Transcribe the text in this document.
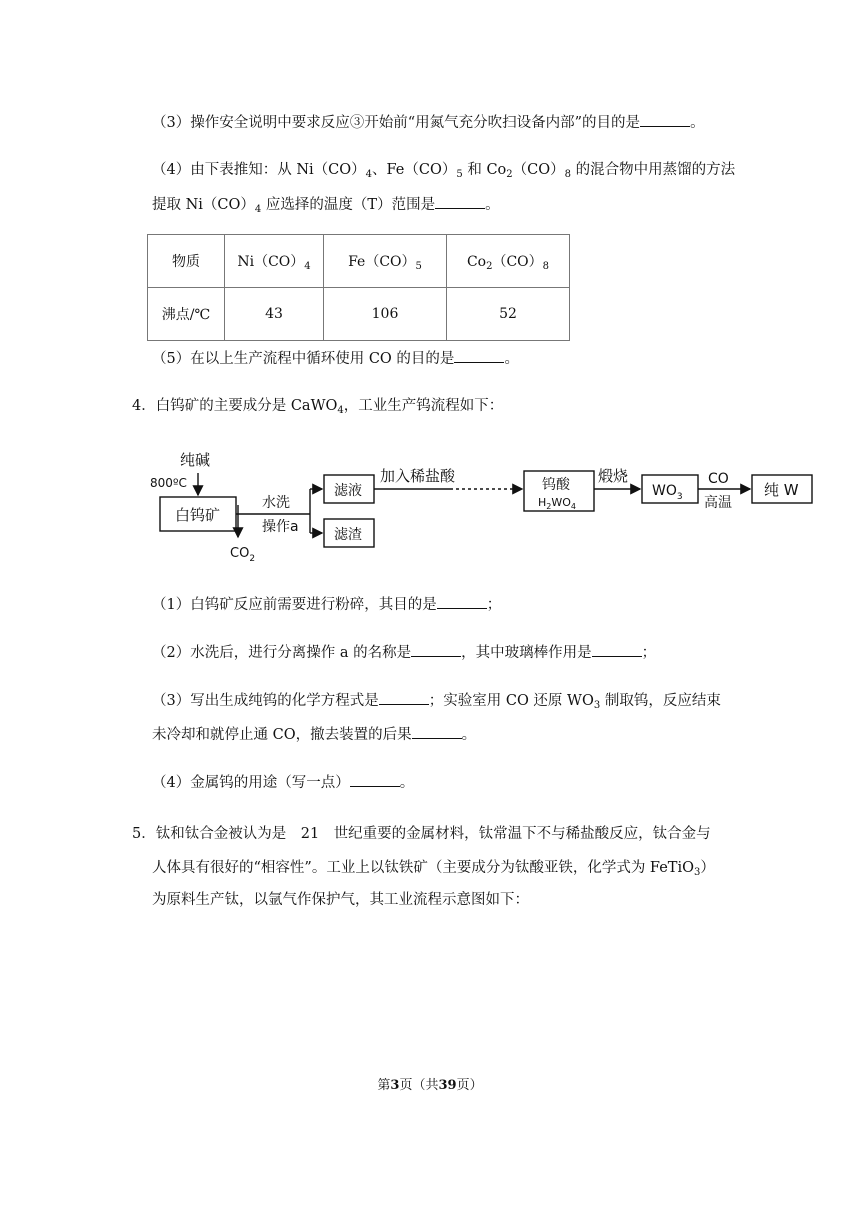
（3）操作安全说明中要求反应③开始前“用氮气充分吹扫设备内部”的目的是	。
（4）由下表推知：从 $Ni(CO)_4$、$Fe(CO)_5$ 和 $Co_2(CO)_8$ 的混合物中用蒸馏的方法
提取 $Ni(CO)_4$ 应选择的温度（T）范围是	。
物质	$Ni(CO)_4$	$Fe(CO)_5$	$Co_2(CO)_8$
沸点/℃	43	106	52
（5）在以上生产流程中循环使用 CO 的目的是	。
4．白钨矿的主要成分是 CaWO$_4$，工业生产钨流程如下：
纯碱
800ºC
白钨矿
$CO_2$
水洗
操作a
滤液
滤渣
加入稀盐酸	钨酸
$H_2WO_4$
煅烧
$WO_3$
CO
高温
纯 W
（1）白钨矿反应前需要进行粉碎，其目的是	；
（2）水洗后，进行分离操作 a 的名称是	，其中玻璃棒作用是	；
（3）写出生成纯钨的化学方程式是	；实验室用 CO 还原 $WO_3$ 制取钨，反应结束
未冷却和就停止通 CO，撤去装置的后果	。
（4）金属钨的用途（写一点）	。
5．钛和钛合金被认为是　21　世纪重要的金属材料，钛常温下不与稀盐酸反应，钛合金与
人体具有很好的“相容性”。工业上以钛铁矿（主要成分为钛酸亚铁，化学式为 FeTiO$_3$）
为原料生产钛，以氩气作保护气，其工业流程示意图如下：
第3页（共39页）
